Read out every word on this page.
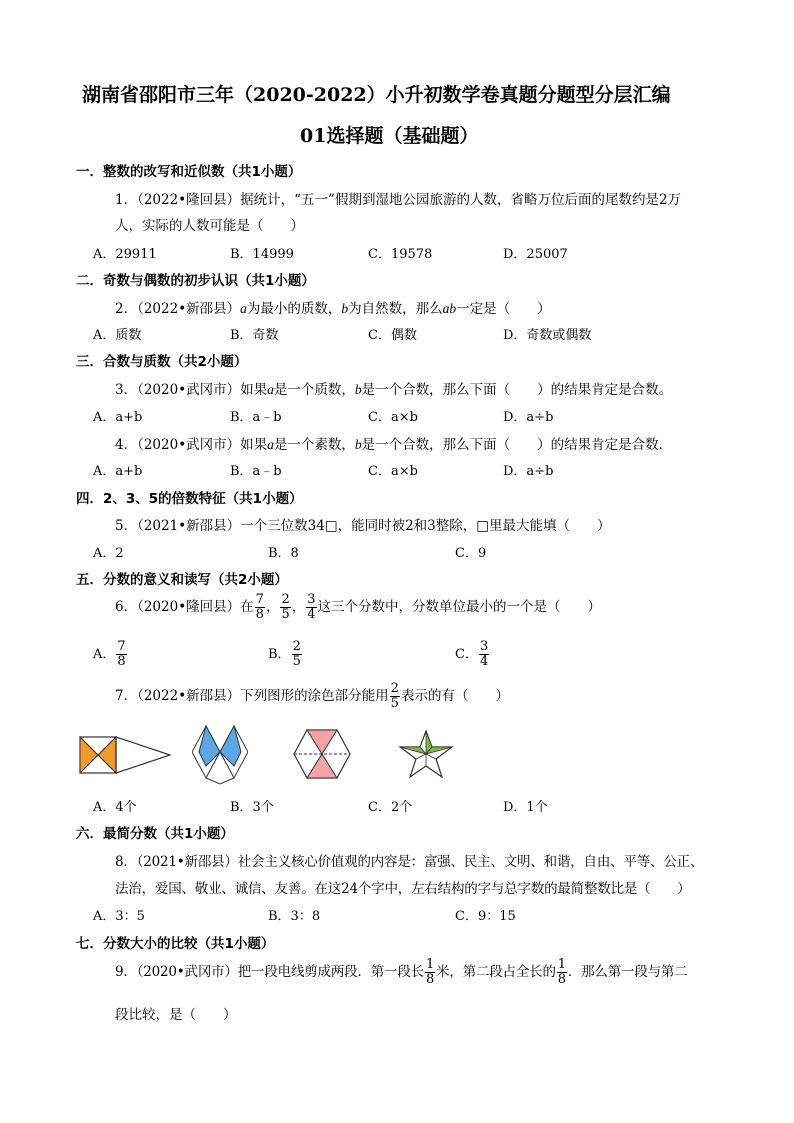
湖南省邵阳市三年（2020-2022）小升初数学卷真题分题型分层汇编
01选择题（基础题）
一．整数的改写和近似数（共1小题）
1．（2022•隆回县）据统计，“五一”假期到湿地公园旅游的人数，省略万位后面的尾数约是2万
人，实际的人数可能是（　　）
A．29911	B．14999	C．19578	D．25007
二．奇数与偶数的初步认识（共1小题）
2．（2022•新邵县）a为最小的质数，b为自然数，那么ab一定是（　　）
A．质数	B．奇数	C．偶数	D．奇数或偶数
三．合数与质数（共2小题）
3．（2020•武冈市）如果a是一个质数，b是一个合数，那么下面（　　）的结果肯定是合数。
A．a+b	B．a﹣b	C．a×b	D．a÷b
4．（2020•武冈市）如果a是一个素数，b是一个合数，那么下面（　　）的结果肯定是合数．
A．a+b	B．a﹣b	C．a×b	D．a÷b
四．2、3、5的倍数特征（共1小题）
5．（2021•新邵县）一个三位数34□，能同时被2和3整除，□里最大能填（　　）
A．2	B．8	C．9
五．分数的意义和读写（共2小题）
6．（2020•隆回县）在 $\frac{7}{8}$ ， $\frac{2}{5}$ ， $\frac{3}{4}$ 这三个分数中，分数单位最小的一个是（　　）
A． $\frac{7}{8}$	B． $\frac{2}{5}$	C． $\frac{3}{4}$
7．（2022•新邵县）下列图形的涂色部分能用 $\frac{2}{5}$ 表示的有（　　）
A．4个	B．3个	C．2个	D．1个
六．最简分数（共1小题）
8．（2021•新邵县）社会主义核心价值观的内容是：富强、民主、文明、和谐，自由、平等、公正、
法治，爱国、敬业、诚信、友善。在这24个字中，左右结构的字与总字数的最简整数比是（　　）
A．3：5	B．3：8	C．9：15
七．分数大小的比较（共1小题）
9．（2020•武冈市）把一段电线剪成两段．第一段长 $\frac{1}{8}$ 米，第二段占全长的 $\frac{1}{8}$ ．那么第一段与第二
段比较，是（　　）
